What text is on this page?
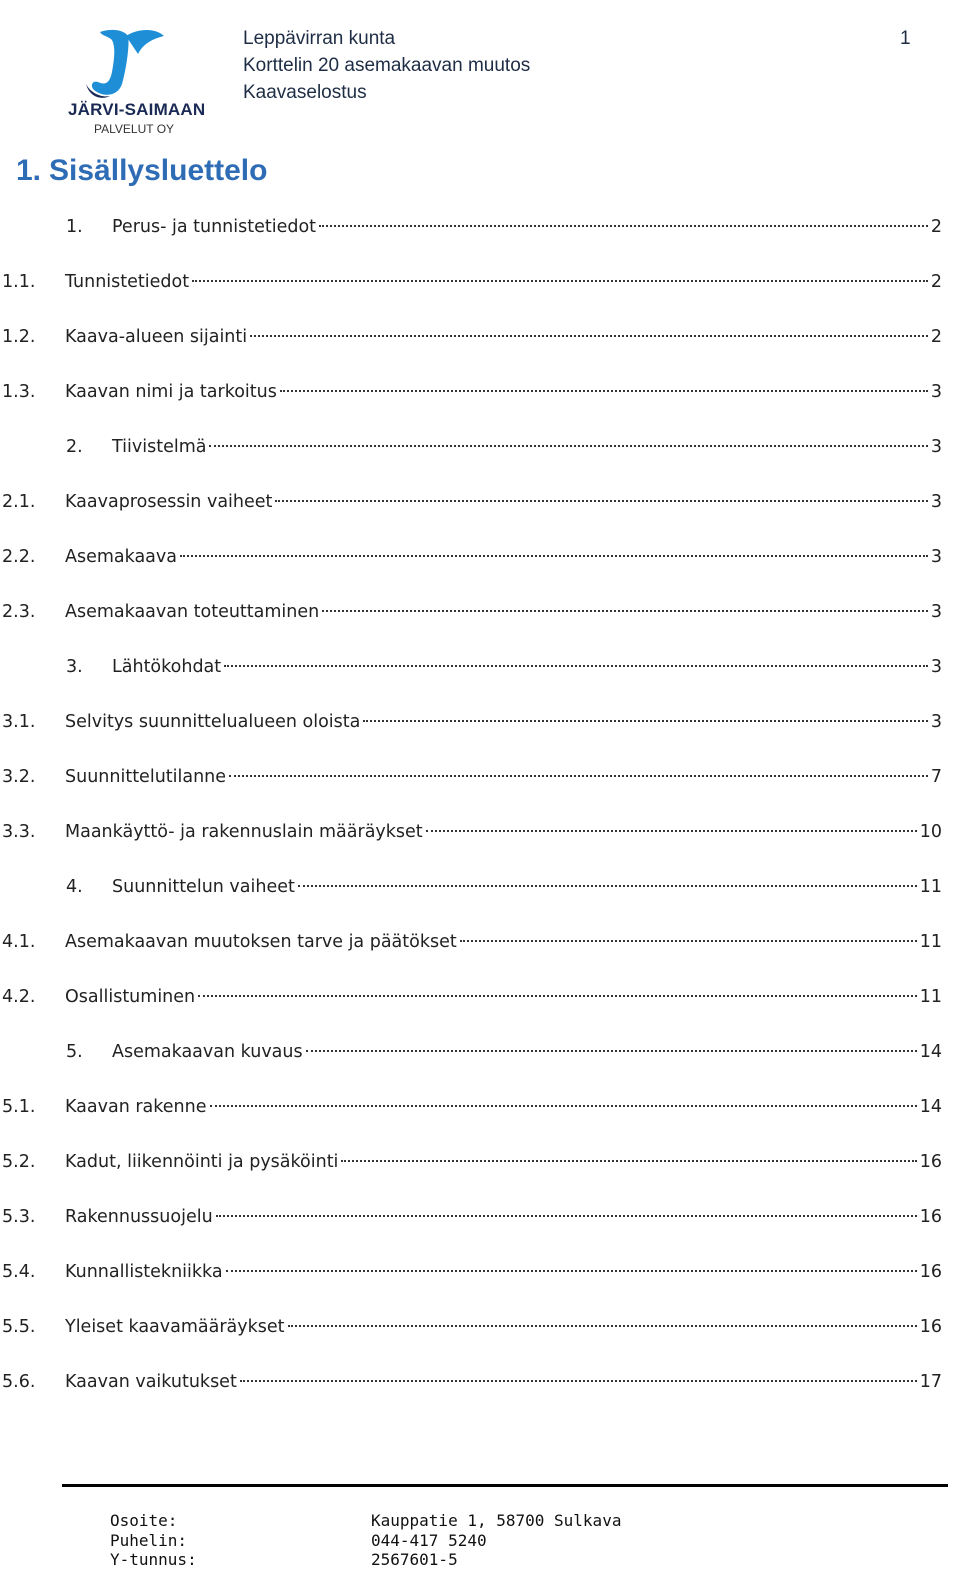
JÄRVI-SAIMAAN
PALVELUT OY
Leppävirran kunta
Korttelin 20 asemakaavan muutos
Kaavaselostus
1
1. Sisällysluettelo
1.	Perus- ja tunnistetiedot	2
1.1.	Tunnistetiedot	2
1.2.	Kaava-alueen sijainti	2
1.3.	Kaavan nimi ja tarkoitus	3
2.	Tiivistelmä	3
2.1.	Kaavaprosessin vaiheet	3
2.2.	Asemakaava	3
2.3.	Asemakaavan toteuttaminen	3
3.	Lähtökohdat	3
3.1.	Selvitys suunnittelualueen oloista	3
3.2.	Suunnittelutilanne	7
3.3.	Maankäyttö- ja rakennuslain määräykset	10
4.	Suunnittelun vaiheet	11
4.1.	Asemakaavan muutoksen tarve ja päätökset	11
4.2.	Osallistuminen	11
5.	Asemakaavan kuvaus	14
5.1.	Kaavan rakenne	14
5.2.	Kadut, liikennöinti ja pysäköinti	16
5.3.	Rakennussuojelu	16
5.4.	Kunnallistekniikka	16
5.5.	Yleiset kaavamääräykset	16
5.6.	Kaavan vaikutukset	17
Osoite:	Kauppatie 1, 58700 Sulkava
Puhelin:	044-417 5240
Y-tunnus:	2567601-5
